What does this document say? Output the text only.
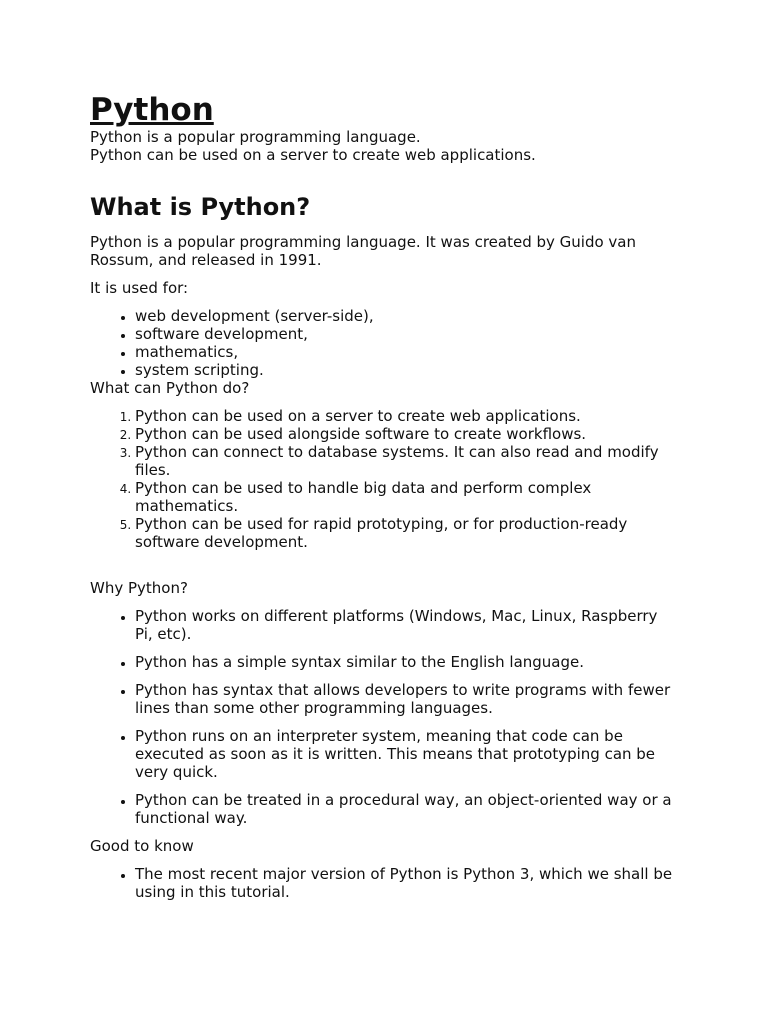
Python

Python is a popular programming language.

Python can be used on a server to create web applications.

What is Python?

Python is a popular programming language. It was created by Guido van Rossum, and released in 1991.

It is used for:

• web development (server-side),
• software development,
• mathematics,
• system scripting.

What can Python do?

1. Python can be used on a server to create web applications.
2. Python can be used alongside software to create workflows.
3. Python can connect to database systems. It can also read and modify files.
4. Python can be used to handle big data and perform complex mathematics.
5. Python can be used for rapid prototyping, or for production-ready software development.

Why Python?

• Python works on different platforms (Windows, Mac, Linux, Raspberry Pi, etc).
• Python has a simple syntax similar to the English language.
• Python has syntax that allows developers to write programs with fewer lines than some other programming languages.
• Python runs on an interpreter system, meaning that code can be executed as soon as it is written. This means that prototyping can be very quick.
• Python can be treated in a procedural way, an object-oriented way or a functional way.

Good to know

• The most recent major version of Python is Python 3, which we shall be using in this tutorial.
